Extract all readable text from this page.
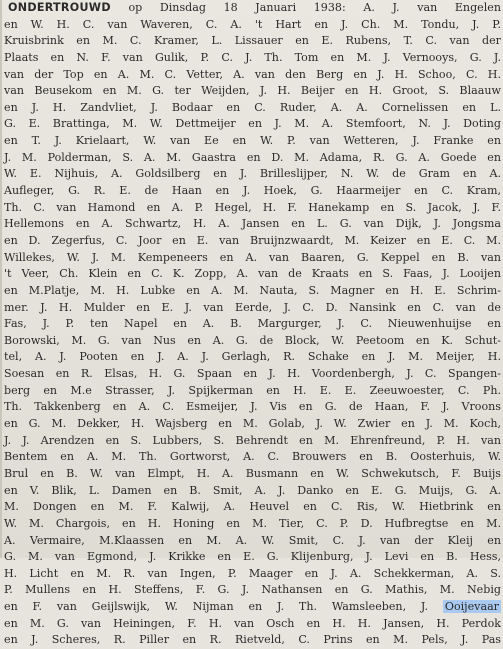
ONDERTROUWD op Dinsdag 18 Januari 1938: A. J. van Engelen
en W. H. C. van Waveren, C. A. 't Hart en J. Ch. M. Tondu, J. P.
Kruisbrink en M. C. Kramer, L. Lissauer en E. Rubens, T. C. van der
Plaats en N. F. van Gulik, P. C. J. Th. Tom en M. J. Vernooys, G. J.
van der Top en A. M. C. Vetter, A. van den Berg en J. H. Schoo, C. H.
van Beusekom en M. G. ter Weijden, J. H. Beijer en H. Groot, S. Blaauw
en J. H. Zandvliet, J. Bodaar en C. Ruder, A. A. Cornelissen en L.
G. E. Brattinga, M. W. Dettmeijer en J. M. A. Stemfoort, N. J. Doting
en T. J. Krielaart, W. van Ee en W. P. van Wetteren, J. Franke en
J. M. Polderman, S. A. M. Gaastra en D. M. Adama, R. G. A. Goede en
W. E. Nijhuis, A. Goldsilberg en J. Brilleslijper, N. W. de Gram en A.
Aufleger, G. R. E. de Haan en J. Hoek, G. Haarmeijer en C. Kram,
Th. C. van Hamond en A. P. Hegel, H. F. Hanekamp en S. Jacok, J. F.
Hellemons en A. Schwartz, H. A. Jansen en L. G. van Dijk, J. Jongsma
en D. Zegerfus, C. Joor en E. van Bruijnzwaardt, M. Keizer en E. C. M.
Willekes, W. J. M. Kempeneers en A. van Baaren, G. Keppel en B. van
't Veer, Ch. Klein en C. K. Zopp, A. van de Kraats en S. Faas, J. Looijen
en M.Platje, M. H. Lubke en A. M. Nauta, S. Magner en H. E. Schrim-
mer. J. H. Mulder en E. J. van Eerde, J. C. D. Nansink en C. van de
Fas, J. P. ten Napel en A. B. Margurger, J. C. Nieuwenhuijse en
Borowski, M. G. van Nus en A. G. de Block, W. Peetoom en K. Schut-
tel, A. J. Pooten en J. A. J. Gerlagh, R. Schake en J. M. Meijer, H.
Soesan en R. Elsas, H. G. Spaan en J. H. Voordenbergh, J. C. Spangen-
berg en M.e Strasser, J. Spijkerman en H. E. E. Zeeuwoester, C. Ph.
Th. Takkenberg en A. C. Esmeijer, J. Vis en G. de Haan, F. J. Vroons
en G. M. Dekker, H. Wajsberg en M. Golab, J. W. Zwier en J. M. Koch,
J. J. Arendzen en S. Lubbers, S. Behrendt en M. Ehrenfreund, P. H. van
Bentem en A. M. Th. Gortworst, A. C. Brouwers en B. Oosterhuis, W.
Brul en B. W. van Elmpt, H. A. Busmann en W. Schwekutsch, F. Buijs
en V. Blik, L. Damen en B. Smit, A. J. Danko en E. G. Muijs, G. A.
M. Dongen en M. F. Kalwij, A. Heuvel en C. Ris, W. Hietbrink en
W. M. Chargois, en H. Honing en M. Tier, C. P. D. Hufbregtse en M.
A. Vermaire, M.Klaassen en M. A. W. Smit, C. J. van der Kleij en
G. M. van Egmond, J. Krikke en E. G. Klijenburg, J. Levi en B. Hess,
H. Licht en M. R. van Ingen, P. Maager en J. A. Schekkerman, A. S.
P. Mullens en H. Steffens, F. G. J. Nathansen en G. Mathis, M. Nebig
en F. van Geijlswijk, W. Nijman en J. Th. Wamsleeben, J. Ooijevaar
en M. G. van Heiningen, F. H. van Osch en H. H. Jansen, H. Perdok
en J. Scheres, R. Piller en R. Rietveld, C. Prins en M. Pels, J. Pas
